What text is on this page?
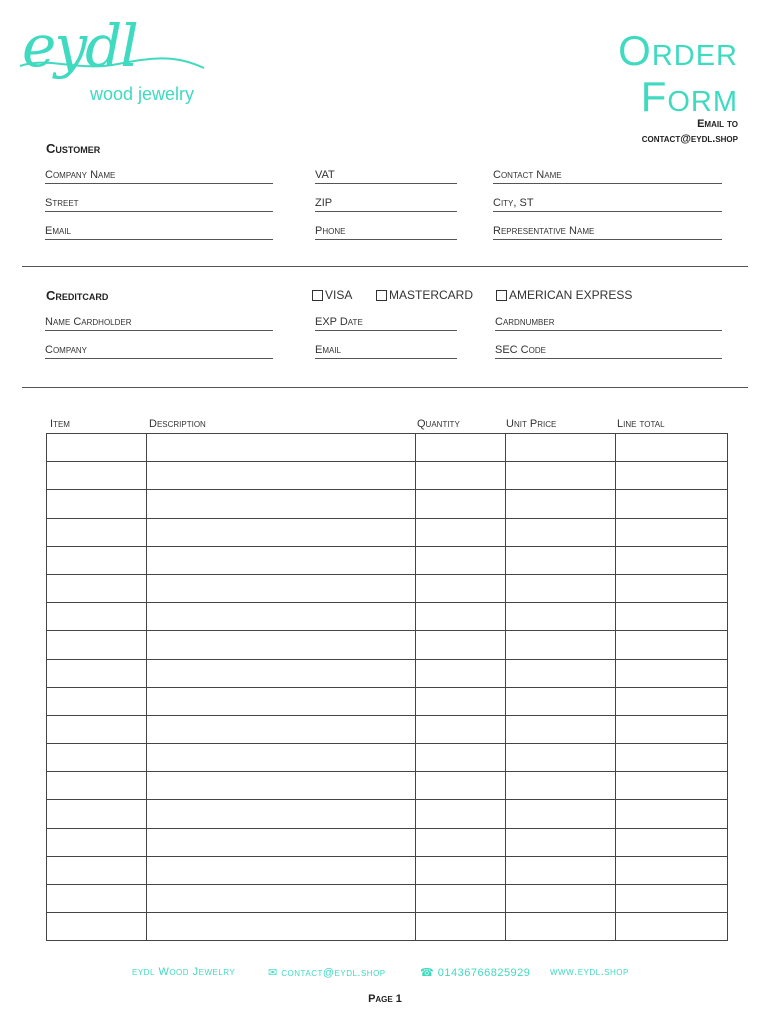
eydl
wood jewelry
Order
Form
Email to
contact@eydl.shop
Customer
Company Name	VAT	Contact Name
Street	ZIP	City, ST
Email	Phone	Representative Name
Creditcard	VISA	MASTERCARD	AMERICAN EXPRESS
Name Cardholder	EXP Date	Cardnumber
Company	Email	SEC Code
Item	Description	Quantity	Unit Price	Line total

eydl Wood Jewelry	✉ contact@eydl.shop	☎ 01436766825929 www.eydl.shop
Page 1
